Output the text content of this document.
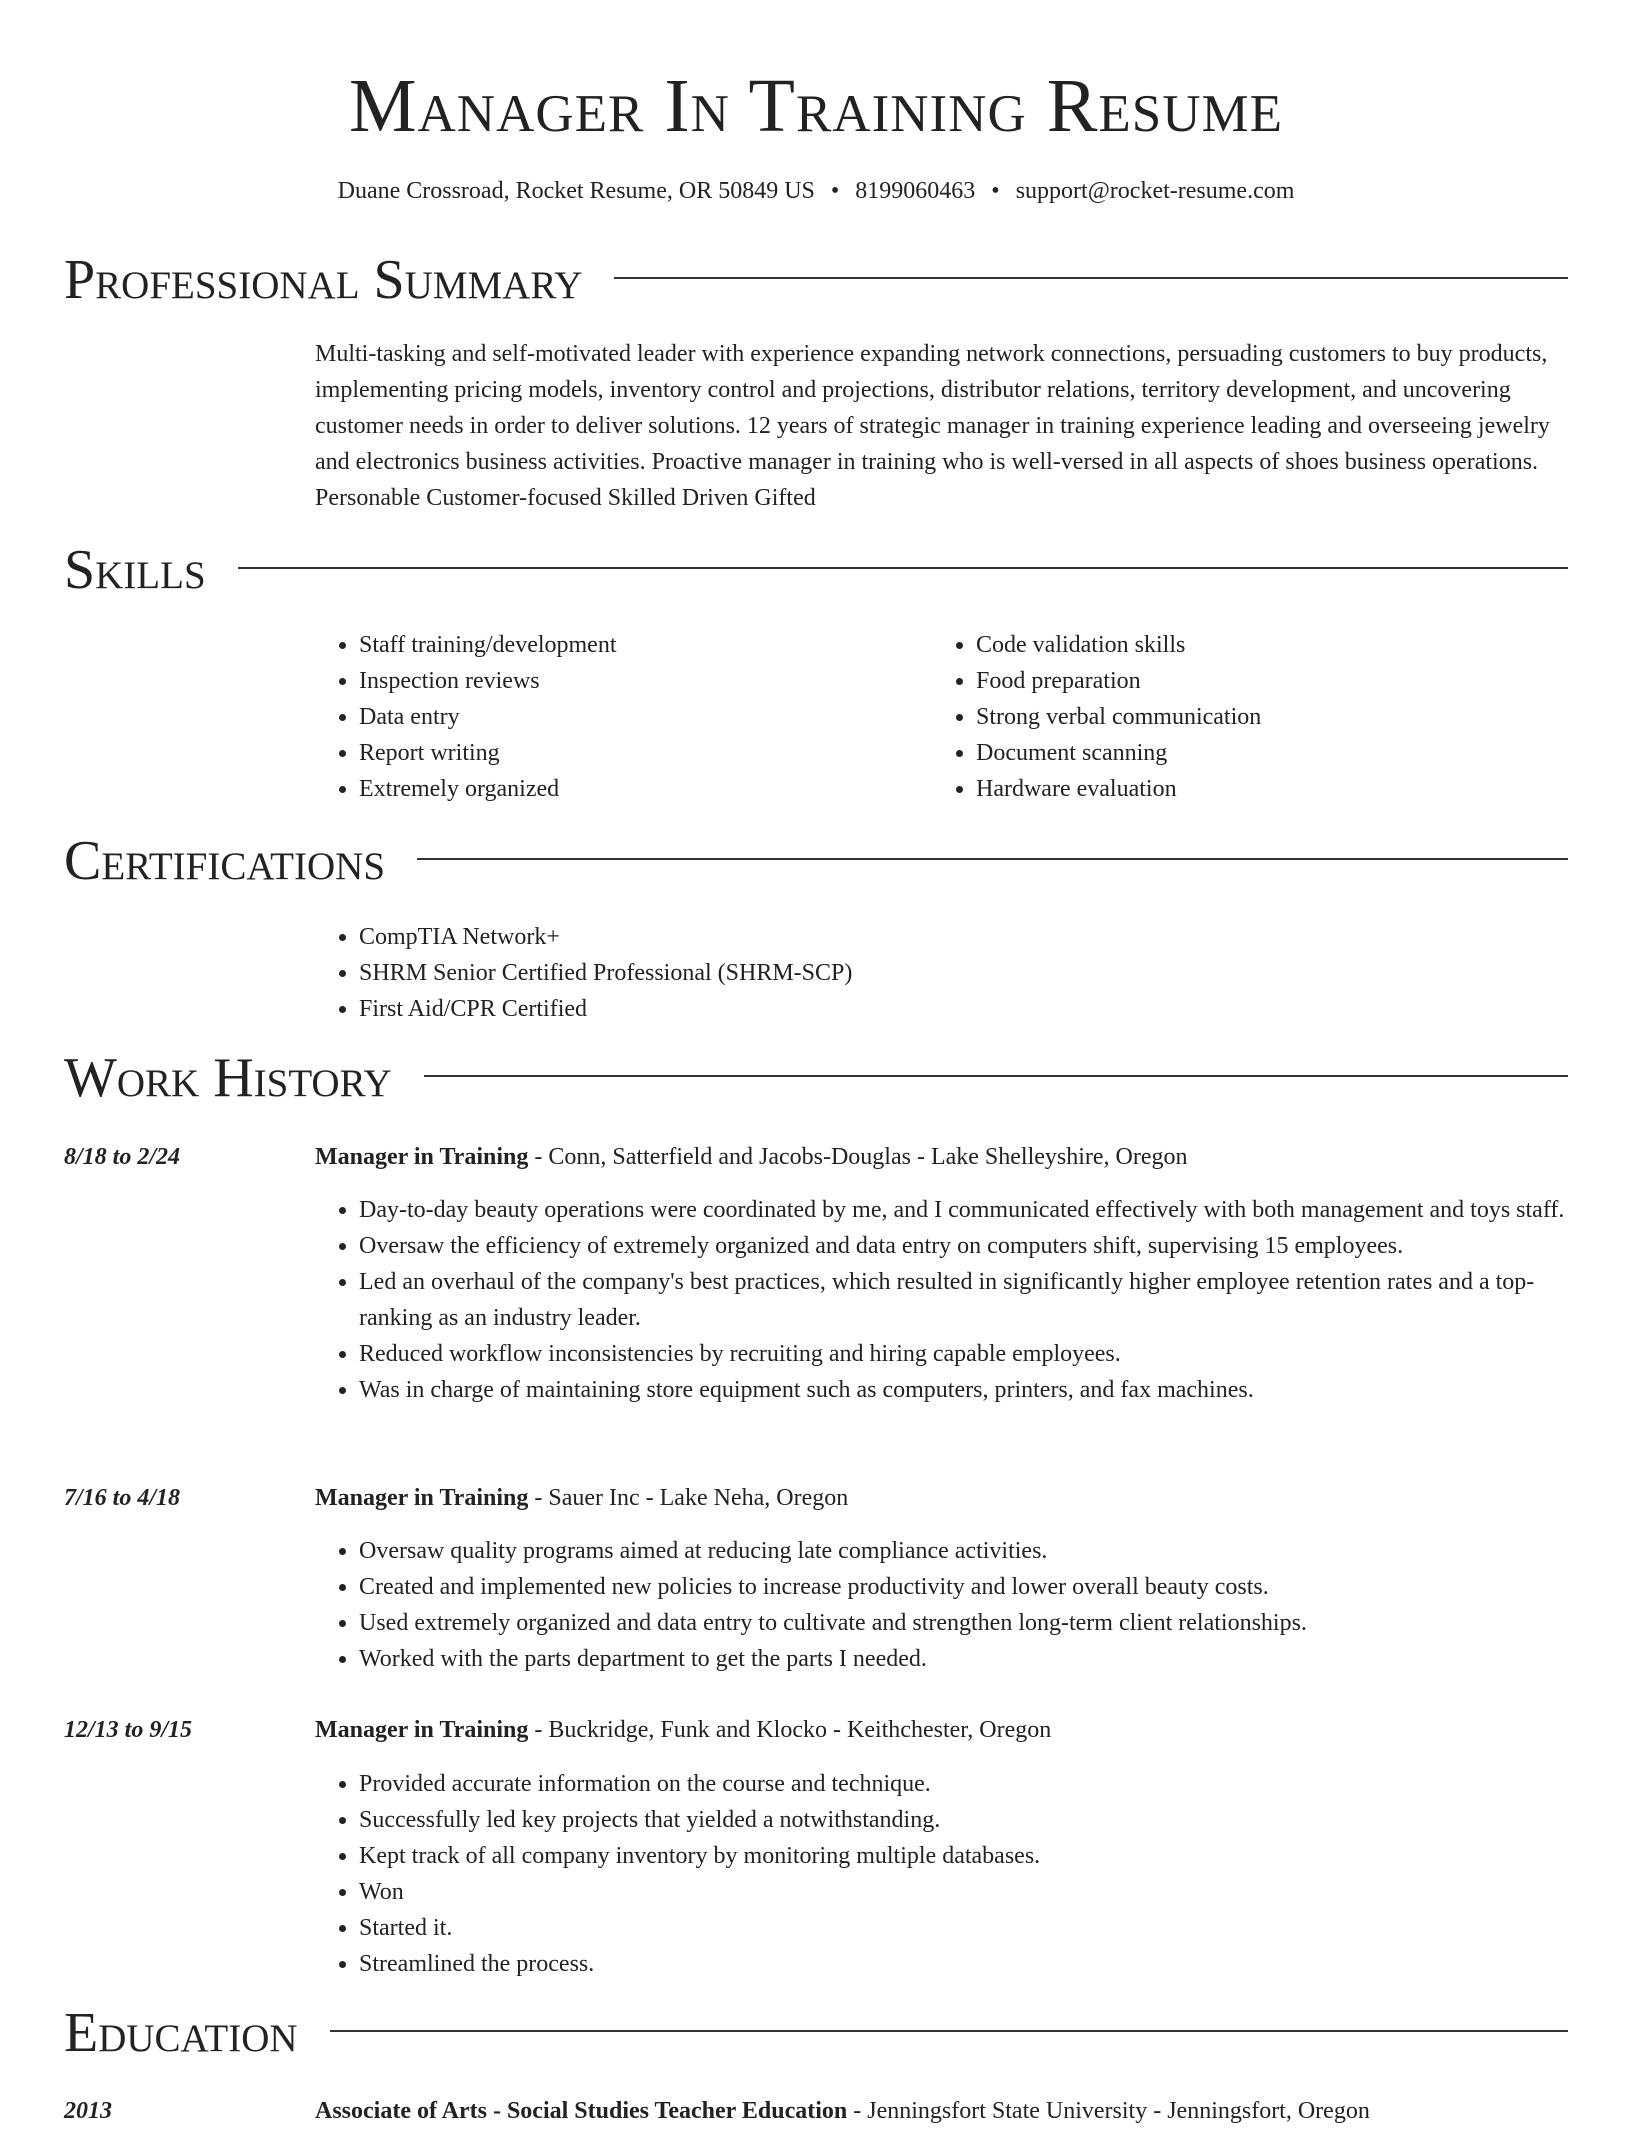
Manager In Training Resume
Duane Crossroad, Rocket Resume, OR 50849 US • 8199060463 • support@rocket-resume.com
Professional Summary

Multi-tasking and self-motivated leader with experience expanding network connections, persuading customers to buy products, implementing pricing models, inventory control and projections, distributor relations, territory development, and uncovering customer needs in order to deliver solutions. 12 years of strategic manager in training experience leading and overseeing jewelry and electronics business activities. Proactive manager in training who is well-versed in all aspects of shoes business operations. Personable Customer-focused Skilled Driven Gifted

Skills
• Staff training/development
• Inspection reviews
• Data entry
• Report writing
• Extremely organized
• Code validation skills
• Food preparation
• Strong verbal communication
• Document scanning
• Hardware evaluation
Certifications
• CompTIA Network+
• SHRM Senior Certified Professional (SHRM-SCP)
• First Aid/CPR Certified
Work History
8/18 to 2/24	Manager in Training - Conn, Satterfield and Jacobs-Douglas - Lake Shelleyshire, Oregon
• Day-to-day beauty operations were coordinated by me, and I communicated effectively with both management and toys staff.
• Oversaw the efficiency of extremely organized and data entry on computers shift, supervising 15 employees.
• Led an overhaul of the company's best practices, which resulted in significantly higher employee retention rates and a top-ranking as an industry leader.
• Reduced workflow inconsistencies by recruiting and hiring capable employees.
• Was in charge of maintaining store equipment such as computers, printers, and fax machines.
7/16 to 4/18	Manager in Training - Sauer Inc - Lake Neha, Oregon
• Oversaw quality programs aimed at reducing late compliance activities.
• Created and implemented new policies to increase productivity and lower overall beauty costs.
• Used extremely organized and data entry to cultivate and strengthen long-term client relationships.
• Worked with the parts department to get the parts I needed.
12/13 to 9/15	Manager in Training - Buckridge, Funk and Klocko - Keithchester, Oregon
• Provided accurate information on the course and technique.
• Successfully led key projects that yielded a notwithstanding.
• Kept track of all company inventory by monitoring multiple databases.
• Won
• Started it.
• Streamlined the process.
Education
2013	Associate of Arts - Social Studies Teacher Education - Jenningsfort State University - Jenningsfort, Oregon
